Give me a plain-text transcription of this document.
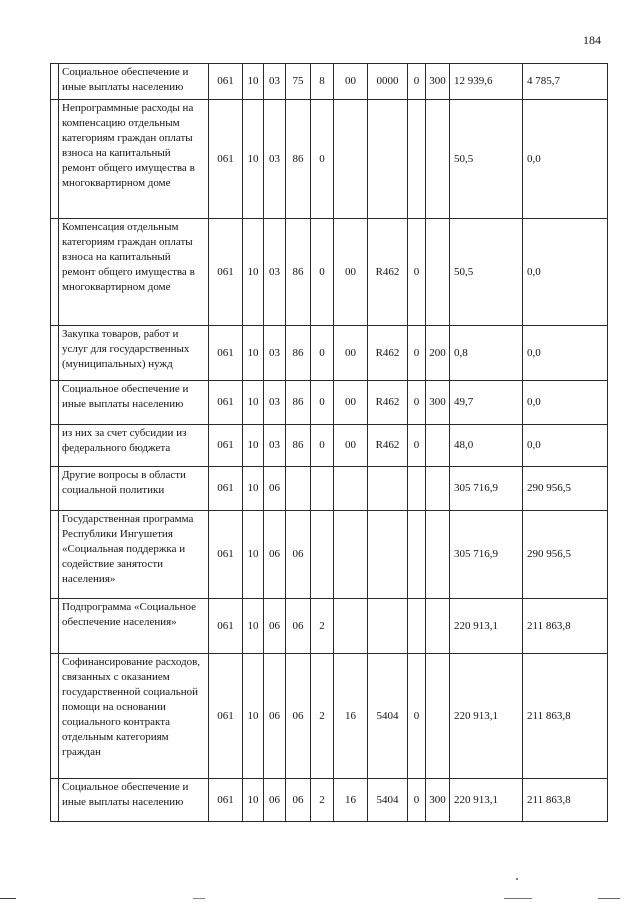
184
	Социальное обеспечение и иные выплаты населению	061	10	03	75	8	00	0000	0	300	12 939,6	4 785,7
	Непрограммные расходы на компенсацию отдельным категориям граждан оплаты взноса на капитальный ремонт общего имущества в многоквартирном доме	061	10	03	86	0					50,5	0,0
	Компенсация отдельным категориям граждан оплаты взноса на капитальный ремонт общего имущества в многоквартирном доме	061	10	03	86	0	00	R462	0		50,5	0,0
	Закупка товаров, работ и услуг для государственных (муниципальных) нужд	061	10	03	86	0	00	R462	0	200	0,8	0,0
	Социальное обеспечение и иные выплаты населению	061	10	03	86	0	00	R462	0	300	49,7	0,0
	из них за счет субсидии из федерального бюджета	061	10	03	86	0	00	R462	0		48,0	0,0
	Другие вопросы в области социальной политики	061	10	06							305 716,9	290 956,5
	Государственная программа Республики Ингушетия «Социальная поддержка и содействие занятости населения»	061	10	06	06						305 716,9	290 956,5
	Подпрограмма «Социальное обеспечение населения»	061	10	06	06	2					220 913,1	211 863,8
	Софинансирование расходов, связанных с оказанием государственной социальной помощи на основании социального контракта отдельным категориям граждан	061	10	06	06	2	16	5404	0		220 913,1	211 863,8
	Социальное обеспечение и иные выплаты населению	061	10	06	06	2	16	5404	0	300	220 913,1	211 863,8
